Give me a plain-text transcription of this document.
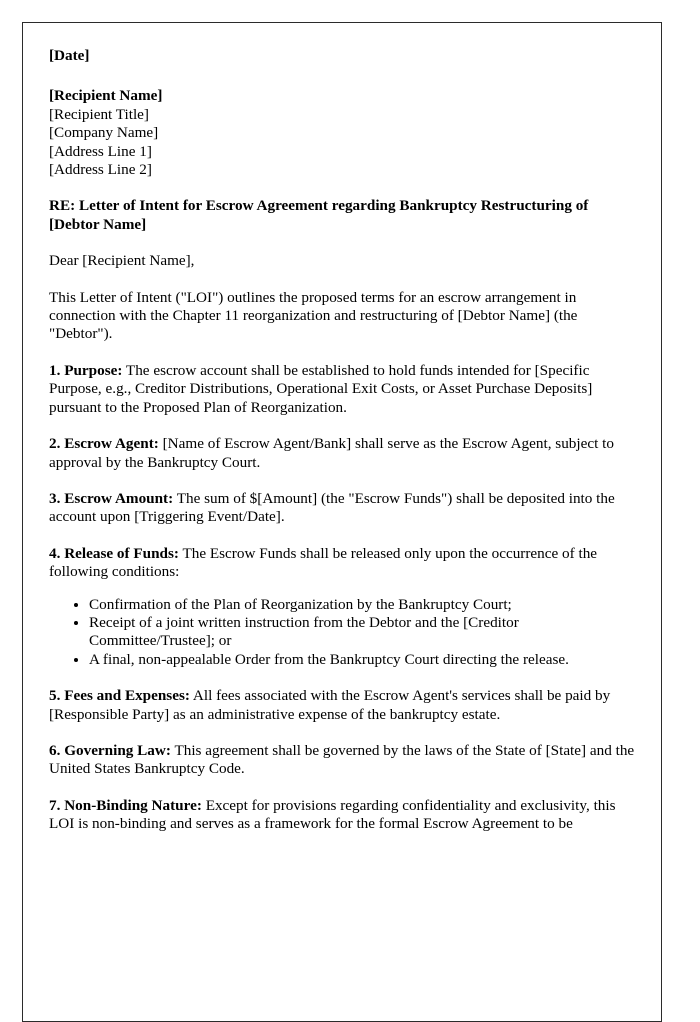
[Date]
[Recipient Name]
[Recipient Title]
[Company Name]
[Address Line 1]
[Address Line 2]
RE: Letter of Intent for Escrow Agreement regarding Bankruptcy Restructuring of [Debtor Name]
Dear [Recipient Name],
This Letter of Intent ("LOI") outlines the proposed terms for an escrow arrangement in connection with the Chapter 11 reorganization and restructuring of [Debtor Name] (the "Debtor").
1. Purpose: The escrow account shall be established to hold funds intended for [Specific Purpose, e.g., Creditor Distributions, Operational Exit Costs, or Asset Purchase Deposits] pursuant to the Proposed Plan of Reorganization.
2. Escrow Agent: [Name of Escrow Agent/Bank] shall serve as the Escrow Agent, subject to approval by the Bankruptcy Court.
3. Escrow Amount: The sum of $[Amount] (the "Escrow Funds") shall be deposited into the account upon [Triggering Event/Date].
4. Release of Funds: The Escrow Funds shall be released only upon the occurrence of the following conditions:
• Confirmation of the Plan of Reorganization by the Bankruptcy Court;
• Receipt of a joint written instruction from the Debtor and the [Creditor Committee/Trustee]; or
• A final, non-appealable Order from the Bankruptcy Court directing the release.
5. Fees and Expenses: All fees associated with the Escrow Agent's services shall be paid by [Responsible Party] as an administrative expense of the bankruptcy estate.
6. Governing Law: This agreement shall be governed by the laws of the State of [State] and the United States Bankruptcy Code.
7. Non-Binding Nature: Except for provisions regarding confidentiality and exclusivity, this LOI is non-binding and serves as a framework for the formal Escrow Agreement to be
